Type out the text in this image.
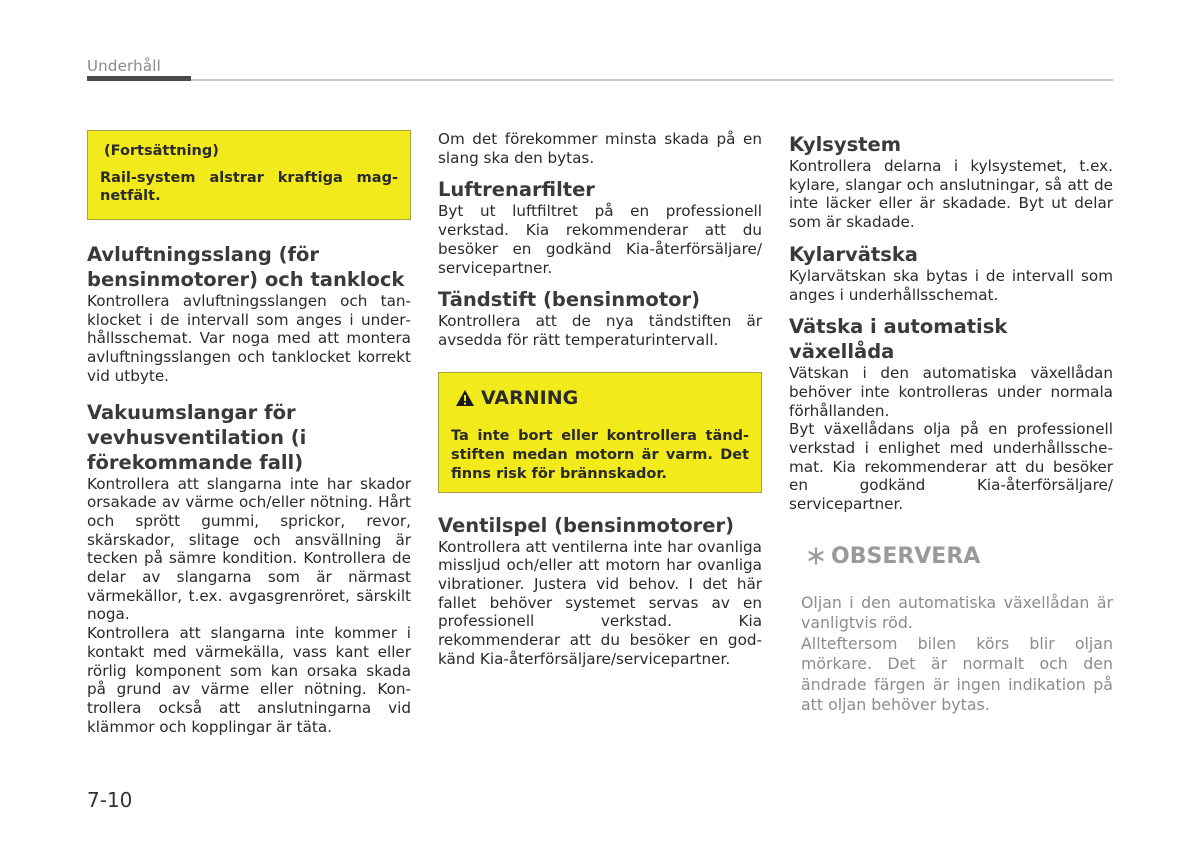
Underhåll

(Fortsättning)

Rail-system alstrar kraftiga magnetfält.

Avluftningsslang (för bensinmotorer) och tanklock

Kontrollera avluftningsslangen och tanklocket i de intervall som anges i underhållsschemat. Var noga med att montera avluftningsslangen och tanklocket korrekt vid utbyte.

Vakuumslangar för vevhusventilation (i förekommande fall)

Kontrollera att slangarna inte har skador orsakade av värme och/eller nötning. Hårt och sprött gummi, sprickor, revor, skärskador, slitage och ansvällning är tecken på sämre kondition. Kontrollera de delar av slangarna som är närmast värmekällor, t.ex. avgasgrenröret, särskilt noga.

Kontrollera att slangarna inte kommer i kontakt med värmekälla, vass kant eller rörlig komponent som kan orsaka skada på grund av värme eller nötning. Kontrollera också att anslutningarna vid klämmor och kopplingar är täta.

Om det förekommer minsta skada på en slang ska den bytas.

Luftrenarfilter

Byt ut luftfiltret på en professionell verkstad. Kia rekommenderar att du besöker en godkänd Kia-återförsäljare/ servicepartner.

Tändstift (bensinmotor)

Kontrollera att de nya tändstiften är avsedda för rätt temperaturintervall.

VARNING

Ta inte bort eller kontrollera tändstiften medan motorn är varm. Det finns risk för brännskador.

Ventilspel (bensinmotorer)

Kontrollera att ventilerna inte har ovanliga missljud och/eller att motorn har ovanliga vibrationer. Justera vid behov. I det här fallet behöver systemet servas av en professionell verkstad. Kia rekommenderar att du besöker en godkänd Kia-återförsäljare/servicepartner.

Kylsystem

Kontrollera delarna i kylsystemet, t.ex. kylare, slangar och anslutningar, så att de inte läcker eller är skadade. Byt ut delar som är skadade.

Kylarvätska

Kylarvätskan ska bytas i de intervall som anges i underhållsschemat.

Vätska i automatisk växellåda

Vätskan i den automatiska växellådan behöver inte kontrolleras under normala förhållanden.

Byt växellådans olja på en professionell verkstad i enlighet med underhållsschemat. Kia rekommenderar att du besöker en godkänd Kia-återförsäljare/ servicepartner.

OBSERVERA

Oljan i den automatiska växellådan är vanligtvis röd.

Allteftersom bilen körs blir oljan mörkare. Det är normalt och den ändrade färgen är ingen indikation på att oljan behöver bytas.

7-10
